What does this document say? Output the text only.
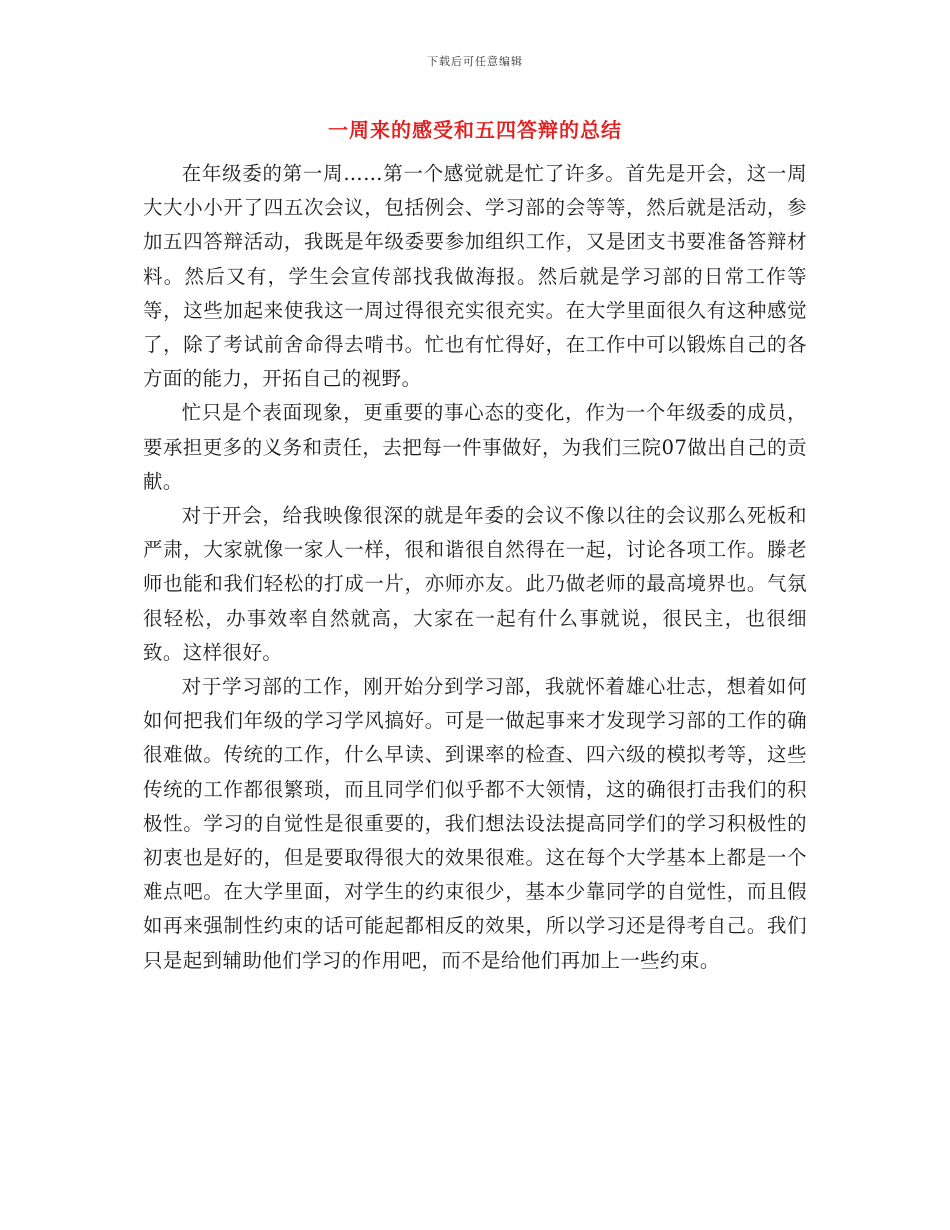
下载后可任意编辑
一周来的感受和五四答辩的总结

在年级委的第一周……第一个感觉就是忙了许多。首先是开会，这一周大大小小开了四五次会议，包括例会、学习部的会等等，然后就是活动，参加五四答辩活动，我既是年级委要参加组织工作，又是团支书要准备答辩材料。然后又有，学生会宣传部找我做海报。然后就是学习部的日常工作等等，这些加起来使我这一周过得很充实很充实。在大学里面很久有这种感觉了，除了考试前舍命得去啃书。忙也有忙得好，在工作中可以锻炼自己的各方面的能力，开拓自己的视野。

忙只是个表面现象，更重要的事心态的变化，作为一个年级委的成员，要承担更多的义务和责任，去把每一件事做好，为我们三院07做出自己的贡献。

对于开会，给我映像很深的就是年委的会议不像以往的会议那么死板和严肃，大家就像一家人一样，很和谐很自然得在一起，讨论各项工作。滕老师也能和我们轻松的打成一片，亦师亦友。此乃做老师的最高境界也。气氛很轻松，办事效率自然就高，大家在一起有什么事就说，很民主，也很细致。这样很好。

对于学习部的工作，刚开始分到学习部，我就怀着雄心壮志，想着如何如何把我们年级的学习学风搞好。可是一做起事来才发现学习部的工作的确很难做。传统的工作，什么早读、到课率的检查、四六级的模拟考等，这些传统的工作都很繁琐，而且同学们似乎都不大领情，这的确很打击我们的积极性。学习的自觉性是很重要的，我们想法设法提高同学们的学习积极性的初衷也是好的，但是要取得很大的效果很难。这在每个大学基本上都是一个难点吧。在大学里面，对学生的约束很少，基本少靠同学的自觉性，而且假如再来强制性约束的话可能起都相反的效果，所以学习还是得考自己。我们只是起到辅助他们学习的作用吧，而不是给他们再加上一些约束。
